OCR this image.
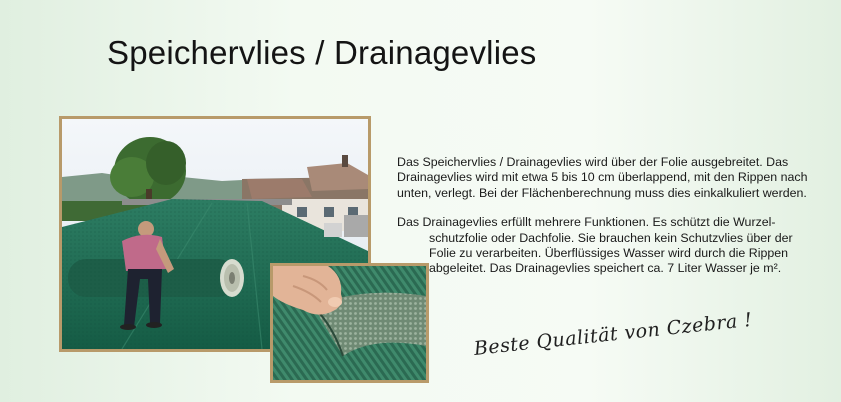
Speichervlies / Drainagevlies

Das Speichervlies / Drainagevlies wird über der Folie ausgebreitet. Das Drainagevlies wird mit etwa 5 bis 10 cm überlappend, mit den Rippen nach unten, verlegt. Bei der Flächenberechnung muss dies einkalkuliert werden.

Das Drainagevlies erfüllt mehrere Funktionen. Es schützt die Wurzel-

schutzfolie oder Dachfolie. Sie brauchen kein Schutzvlies über der
Folie zu verarbeiten. Überflüssiges Wasser wird durch die Rippen
abgeleitet. Das Drainagevlies speichert ca. 7 Liter Wasser je m².

Beste Qualität von Czebra !
